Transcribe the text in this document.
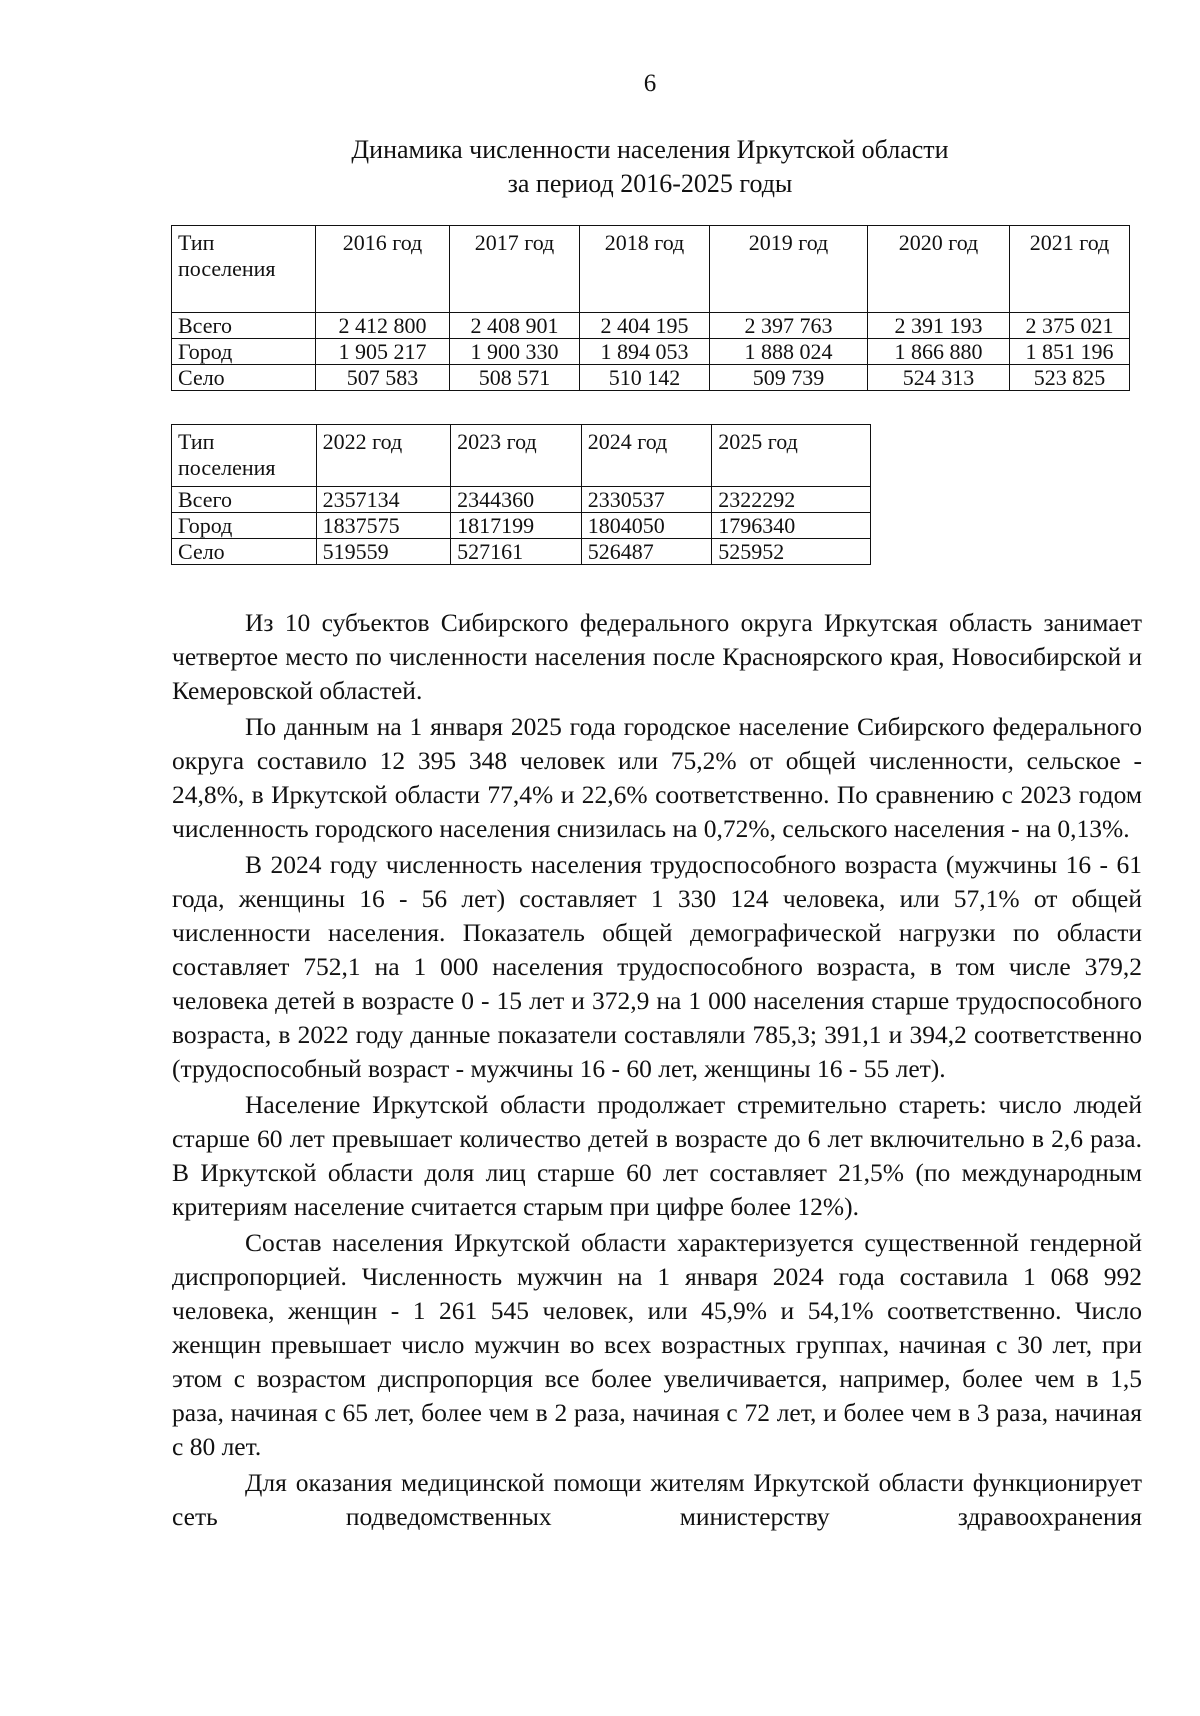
6
Динамика численности населения Иркутской области
за период 2016-2025 годы
Тип поселения	2016 год	2017 год	2018 год	2019 год	2020 год	2021 год
Всего	2 412 800	2 408 901	2 404 195	2 397 763	2 391 193	2 375 021
Город	1 905 217	1 900 330	1 894 053	1 888 024	1 866 880	1 851 196
Село	507 583	508 571	510 142	509 739	524 313	523 825
Тип поселения	2022 год	2023 год	2024 год	2025 год
Всего	2357134	2344360	2330537	2322292
Город	1837575	1817199	1804050	1796340
Село	519559	527161	526487	525952

Из 10 субъектов Сибирского федерального округа Иркутская область занимает четвертое место по численности населения после Красноярского края, Новосибирской и Кемеровской областей.

По данным на 1 января 2025 года городское население Сибирского федерального округа составило 12 395 348 человек или 75,2% от общей численности, сельское - 24,8%, в Иркутской области 77,4% и 22,6% соответственно. По сравнению с 2023 годом численность городского населения снизилась на 0,72%, сельского населения - на 0,13%.

В 2024 году численность населения трудоспособного возраста (мужчины 16 - 61 года, женщины 16 - 56 лет) составляет 1 330 124 человека, или 57,1% от общей численности населения. Показатель общей демографической нагрузки по области составляет 752,1 на 1 000 населения трудоспособного возраста, в том числе 379,2 человека детей в возрасте 0 - 15 лет и 372,9 на 1 000 населения старше трудоспособного возраста, в 2022 году данные показатели составляли 785,3; 391,1 и 394,2 соответственно (трудоспособный возраст - мужчины 16 - 60 лет, женщины 16 - 55 лет).

Население Иркутской области продолжает стремительно стареть: число людей старше 60 лет превышает количество детей в возрасте до 6 лет включительно в 2,6 раза. В Иркутской области доля лиц старше 60 лет составляет 21,5% (по международным критериям население считается старым при цифре более 12%).

Состав населения Иркутской области характеризуется существенной гендерной диспропорцией. Численность мужчин на 1 января 2024 года составила 1 068 992 человека, женщин - 1 261 545 человек, или 45,9% и 54,1% соответственно. Число женщин превышает число мужчин во всех возрастных группах, начиная с 30 лет, при этом с возрастом диспропорция все более увеличивается, например, более чем в 1,5 раза, начиная с 65 лет, более чем в 2 раза, начиная с 72 лет, и более чем в 3 раза, начиная с 80 лет.

Для оказания медицинской помощи жителям Иркутской области функционирует сеть подведомственных министерству здравоохранения
